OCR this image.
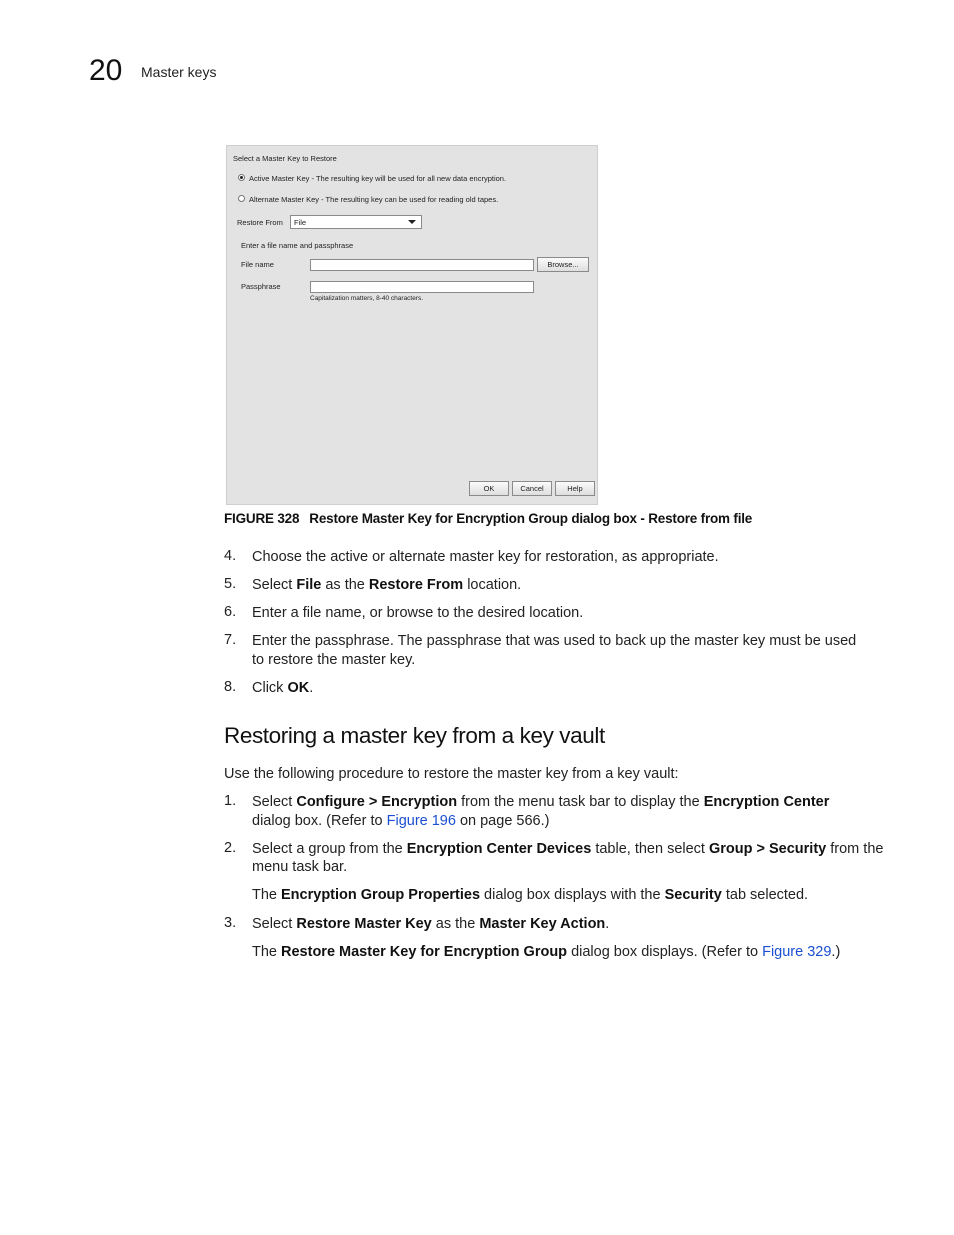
20 Master keys
Select a Master Key to Restore
Active Master Key - The resulting key will be used for all new data encryption.
Alternate Master Key - The resulting key can be used for reading old tapes.
Restore From File
Enter a file name and passphrase
File name	Browse...
Passphrase
Capitalization matters, 8-40 characters.
OK	Cancel	Help
FIGURE 328 Restore Master Key for Encryption Group dialog box - Restore from file
4. Choose the active or alternate master key for restoration, as appropriate.
5. Select File as the Restore From location.
6. Enter a file name, or browse to the desired location.
7. Enter the passphrase. The passphrase that was used to back up the master key must be used
to restore the master key.
8. Click OK.
Restoring a master key from a key vault
Use the following procedure to restore the master key from a key vault:
1. Select Configure > Encryption from the menu task bar to display the Encryption Center
dialog box. (Refer to Figure 196 on page 566.)
2. Select a group from the Encryption Center Devices table, then select Group > Security from the
menu task bar.
The Encryption Group Properties dialog box displays with the Security tab selected.
3. Select Restore Master Key as the Master Key Action.
The Restore Master Key for Encryption Group dialog box displays. (Refer to Figure 329.)
